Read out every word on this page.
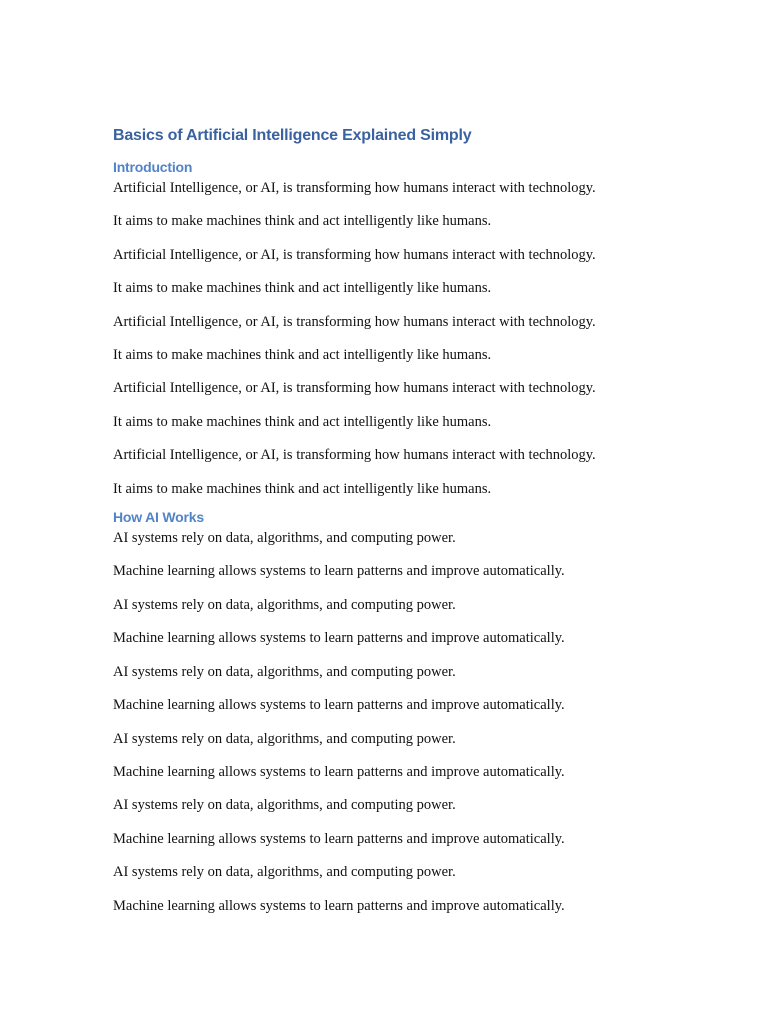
Basics of Artificial Intelligence Explained Simply
Introduction

Artificial Intelligence, or AI, is transforming how humans interact with technology.

It aims to make machines think and act intelligently like humans.

Artificial Intelligence, or AI, is transforming how humans interact with technology.

It aims to make machines think and act intelligently like humans.

Artificial Intelligence, or AI, is transforming how humans interact with technology.

It aims to make machines think and act intelligently like humans.

Artificial Intelligence, or AI, is transforming how humans interact with technology.

It aims to make machines think and act intelligently like humans.

Artificial Intelligence, or AI, is transforming how humans interact with technology.

It aims to make machines think and act intelligently like humans.

How AI Works

AI systems rely on data, algorithms, and computing power.

Machine learning allows systems to learn patterns and improve automatically.

AI systems rely on data, algorithms, and computing power.

Machine learning allows systems to learn patterns and improve automatically.

AI systems rely on data, algorithms, and computing power.

Machine learning allows systems to learn patterns and improve automatically.

AI systems rely on data, algorithms, and computing power.

Machine learning allows systems to learn patterns and improve automatically.

AI systems rely on data, algorithms, and computing power.

Machine learning allows systems to learn patterns and improve automatically.

AI systems rely on data, algorithms, and computing power.

Machine learning allows systems to learn patterns and improve automatically.
